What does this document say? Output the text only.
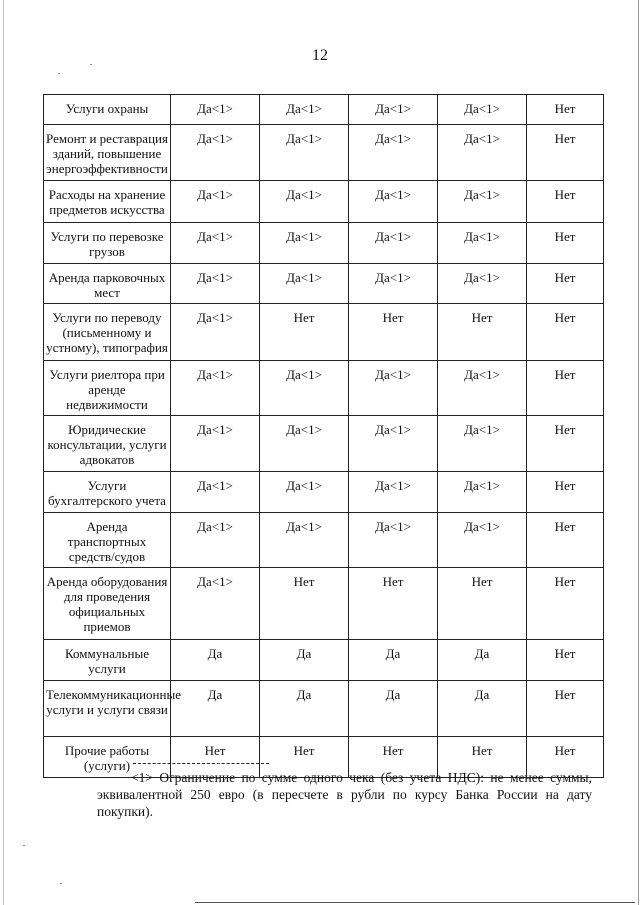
12
Услуги охраны	Да<1>	Да<1>	Да<1>	Да<1>	Нет
Ремонт и реставрация зданий, повышение энергоэффективности	Да<1>	Да<1>	Да<1>	Да<1>	Нет
Расходы на хранение предметов искусства	Да<1>	Да<1>	Да<1>	Да<1>	Нет
Услуги по перевозке грузов	Да<1>	Да<1>	Да<1>	Да<1>	Нет
Аренда парковочных мест	Да<1>	Да<1>	Да<1>	Да<1>	Нет
Услуги по переводу (письменному и устному), типография	Да<1>	Нет	Нет	Нет	Нет
Услуги риелтора при аренде недвижимости	Да<1>	Да<1>	Да<1>	Да<1>	Нет
Юридические консультации, услуги адвокатов	Да<1>	Да<1>	Да<1>	Да<1>	Нет
Услуги бухгалтерского учета	Да<1>	Да<1>	Да<1>	Да<1>	Нет
Аренда транспортных средств/судов	Да<1>	Да<1>	Да<1>	Да<1>	Нет
Аренда оборудования для проведения официальных приемов	Да<1>	Нет	Нет	Нет	Нет
Коммунальные услуги	Да	Да	Да	Да	Нет
Телекоммуникационные услуги и услуги связи	Да	Да	Да	Да	Нет
Прочие работы (услуги)	Нет	Нет	Нет	Нет	Нет
<1> Ограничение по сумме одного чека (без учета НДС): не менее суммы, эквивалентной 250 евро (в пересчете в рубли по курсу Банка России на дату покупки).
